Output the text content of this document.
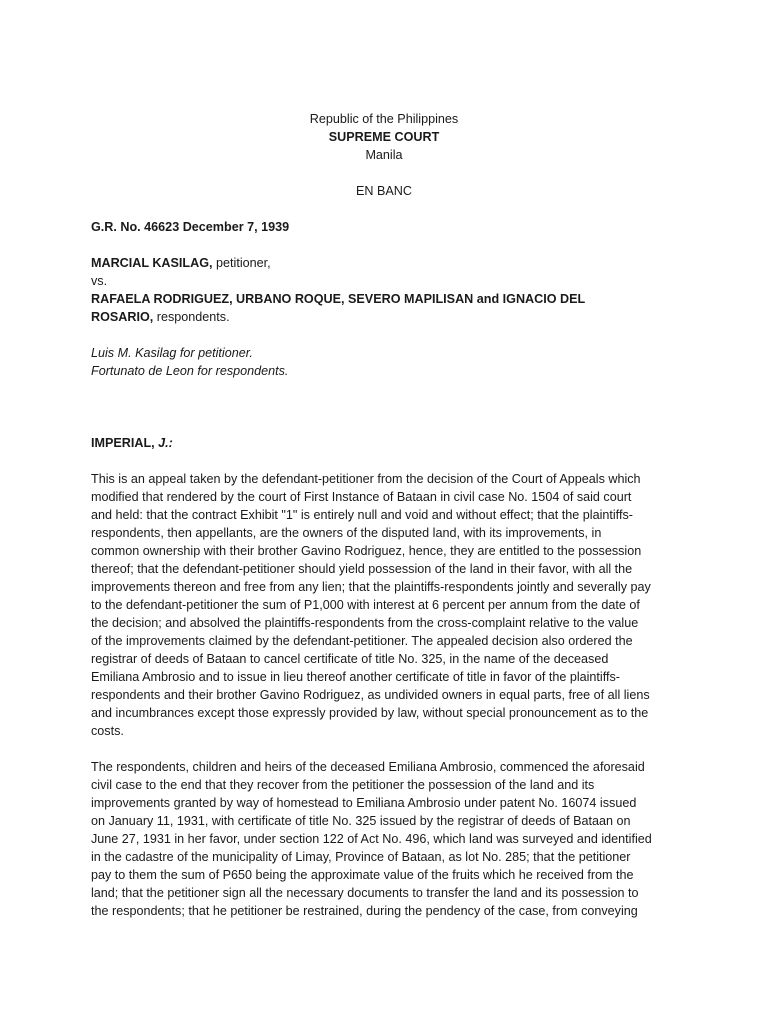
Republic of the Philippines
SUPREME COURT
Manila
EN BANC
G.R. No. 46623 December 7, 1939
MARCIAL KASILAG, petitioner,
vs.
RAFAELA RODRIGUEZ, URBANO ROQUE, SEVERO MAPILISAN and IGNACIO DEL
ROSARIO, respondents.
Luis M. Kasilag for petitioner.
Fortunato de Leon for respondents.
IMPERIAL, J.:
This is an appeal taken by the defendant-petitioner from the decision of the Court of Appeals which
modified that rendered by the court of First Instance of Bataan in civil case No. 1504 of said court
and held: that the contract Exhibit "1" is entirely null and void and without effect; that the plaintiffs-
respondents, then appellants, are the owners of the disputed land, with its improvements, in
common ownership with their brother Gavino Rodriguez, hence, they are entitled to the possession
thereof; that the defendant-petitioner should yield possession of the land in their favor, with all the
improvements thereon and free from any lien; that the plaintiffs-respondents jointly and severally pay
to the defendant-petitioner the sum of P1,000 with interest at 6 percent per annum from the date of
the decision; and absolved the plaintiffs-respondents from the cross-complaint relative to the value
of the improvements claimed by the defendant-petitioner. The appealed decision also ordered the
registrar of deeds of Bataan to cancel certificate of title No. 325, in the name of the deceased
Emiliana Ambrosio and to issue in lieu thereof another certificate of title in favor of the plaintiffs-
respondents and their brother Gavino Rodriguez, as undivided owners in equal parts, free of all liens
and incumbrances except those expressly provided by law, without special pronouncement as to the
costs.
The respondents, children and heirs of the deceased Emiliana Ambrosio, commenced the aforesaid
civil case to the end that they recover from the petitioner the possession of the land and its
improvements granted by way of homestead to Emiliana Ambrosio under patent No. 16074 issued
on January 11, 1931, with certificate of title No. 325 issued by the registrar of deeds of Bataan on
June 27, 1931 in her favor, under section 122 of Act No. 496, which land was surveyed and identified
in the cadastre of the municipality of Limay, Province of Bataan, as lot No. 285; that the petitioner
pay to them the sum of P650 being the approximate value of the fruits which he received from the
land; that the petitioner sign all the necessary documents to transfer the land and its possession to
the respondents; that he petitioner be restrained, during the pendency of the case, from conveying
